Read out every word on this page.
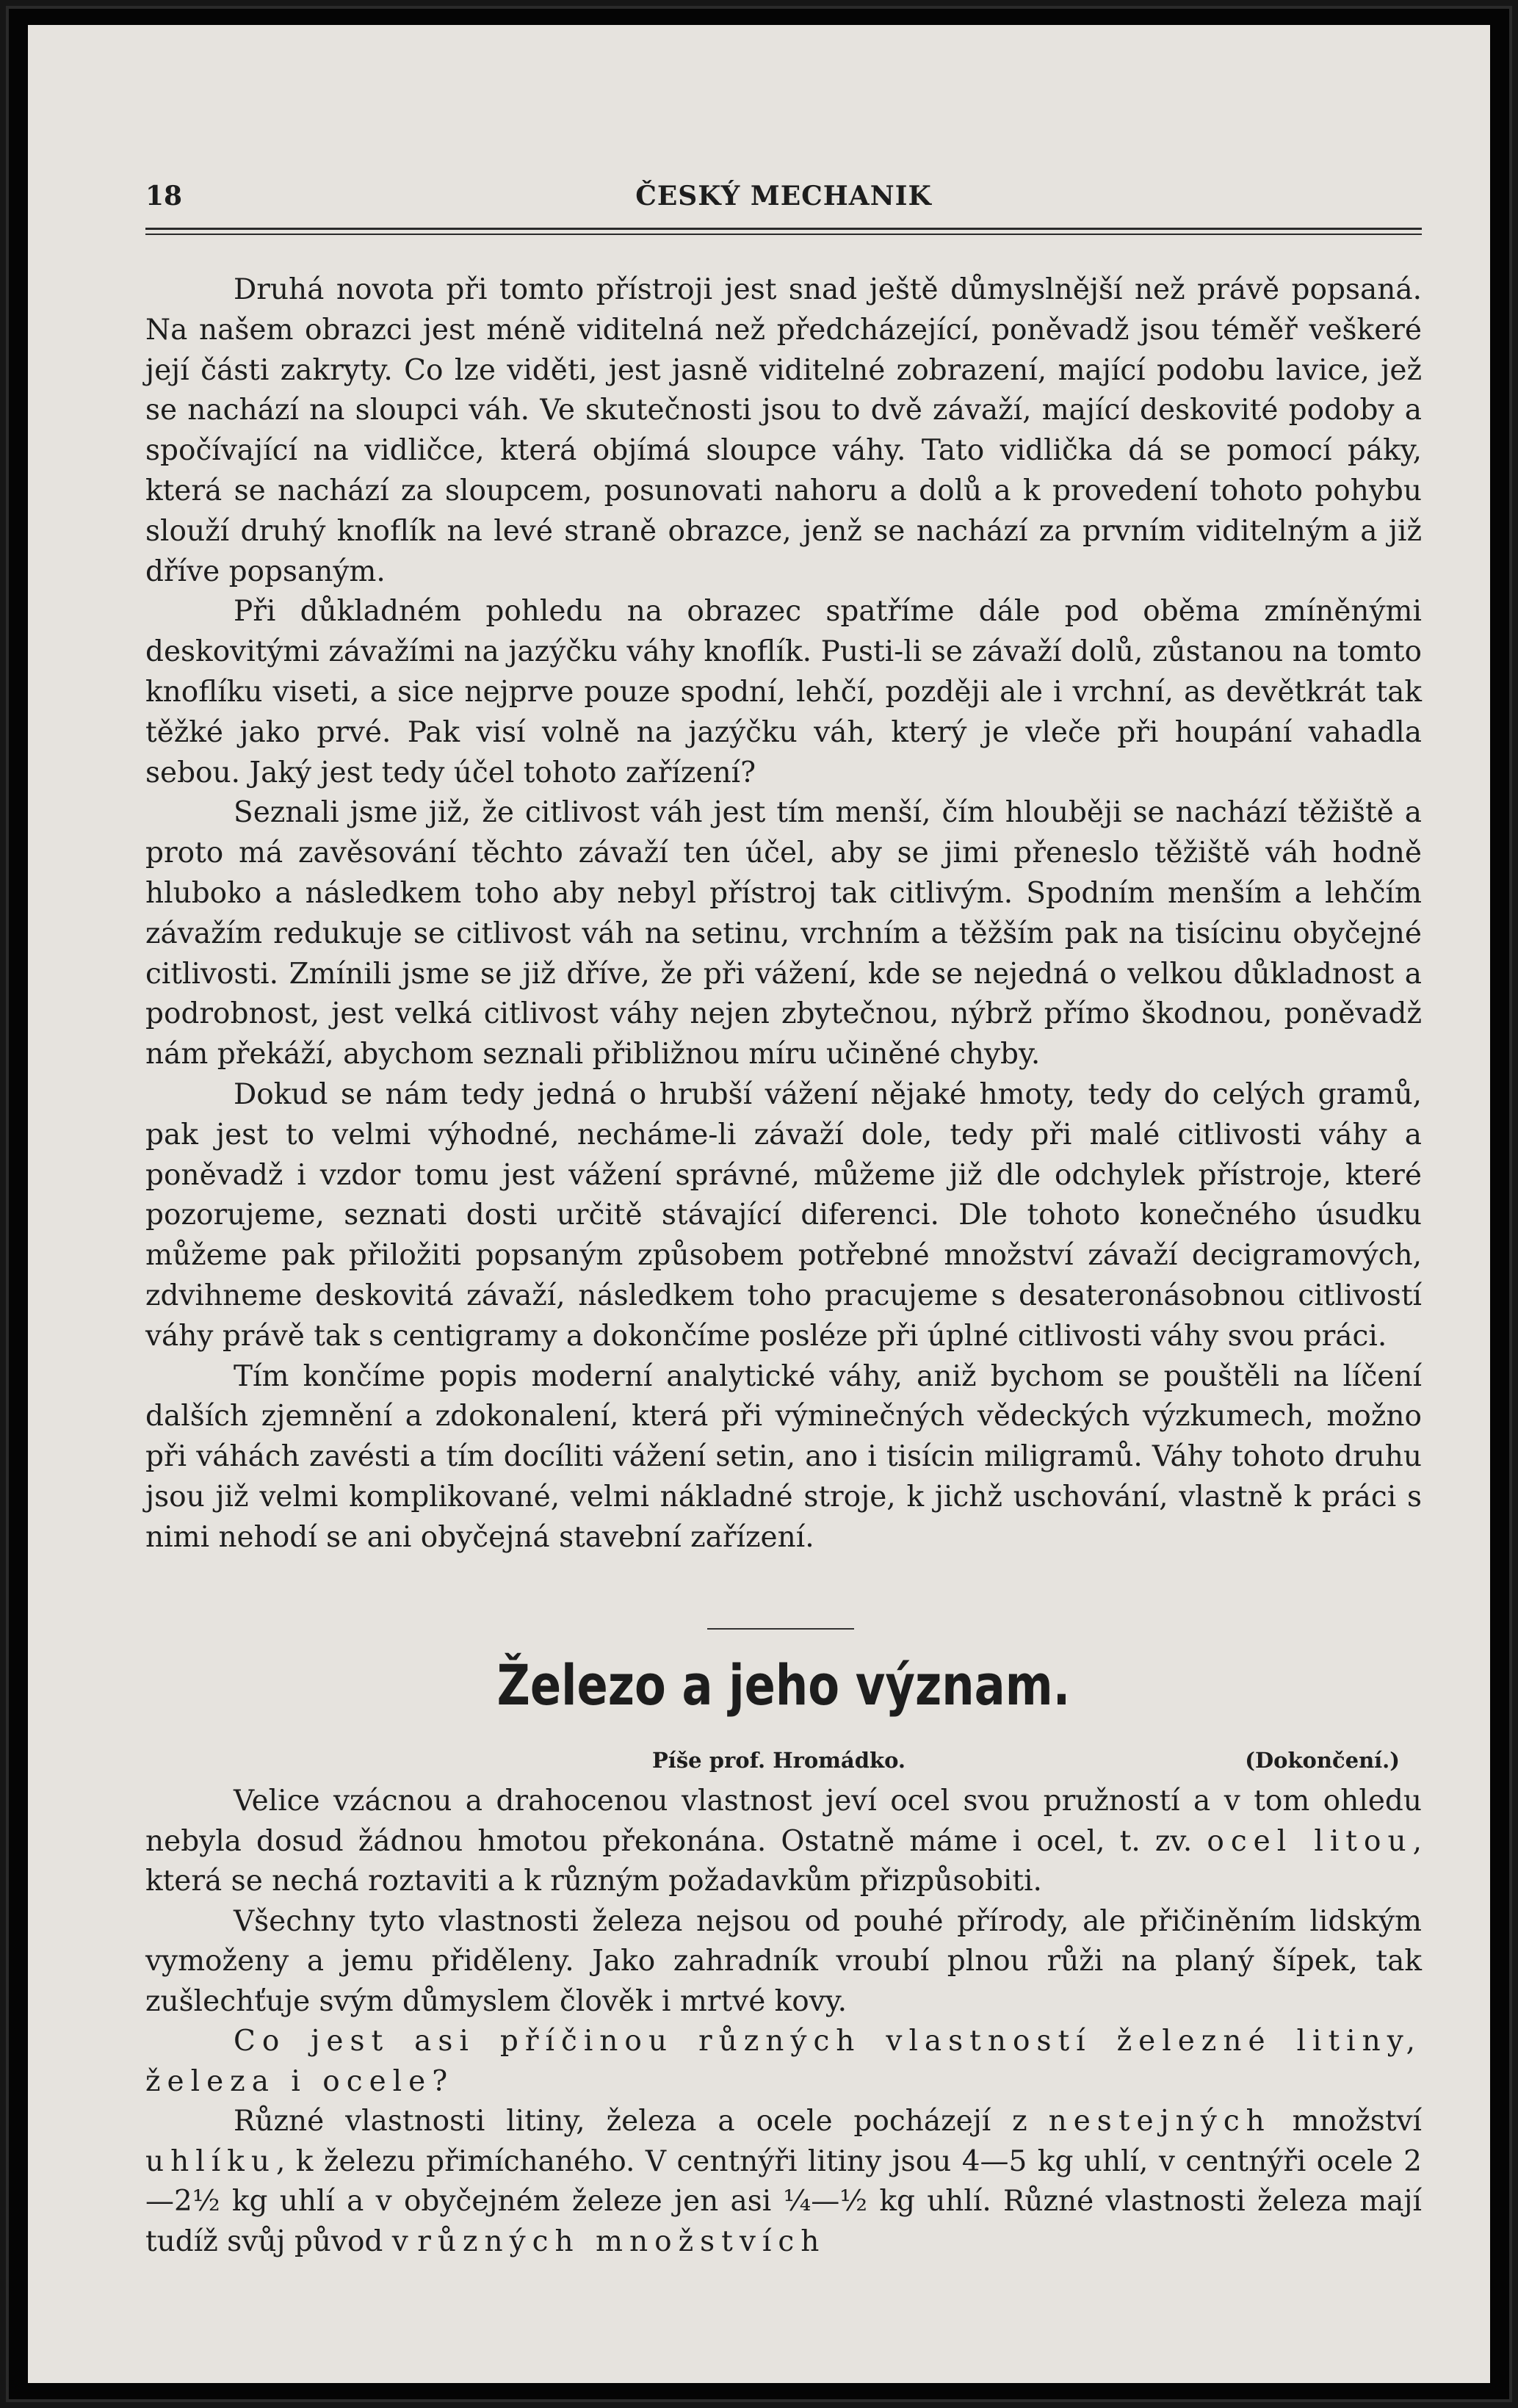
18	ČESKÝ MECHANIK

Druhá novota při tomto přístroji jest snad ještě důmyslnější než právě popsaná. Na našem obrazci jest méně viditelná než předcházející, poněvadž jsou téměř veškeré její části zakryty. Co lze viděti, jest jasně viditelné zobrazení, mající podobu lavice, jež se nachází na sloupci váh. Ve skutečnosti jsou to dvě závaží, mající deskovité podoby a spočívající na vidličce, která objímá sloupce váhy. Tato vidlička dá se pomocí páky, která se nachází za sloupcem, posunovati nahoru a dolů a k provedení tohoto pohybu slouží druhý knoflík na levé straně obrazce, jenž se nachází za prvním viditelným a již dříve popsaným.

Při důkladném pohledu na obrazec spatříme dále pod oběma zmíněnými deskovitými závažími na jazýčku váhy knoflík. Pusti-li se závaží dolů, zůstanou na tomto knoflíku viseti, a sice nejprve pouze spodní, lehčí, později ale i vrchní, as devětkrát tak těžké jako prvé. Pak visí volně na jazýčku váh, který je vleče při houpání vahadla sebou. Jaký jest tedy účel tohoto zařízení?

Seznali jsme již, že citlivost váh jest tím menší, čím hlouběji se nachází těžiště a proto má zavěsování těchto závaží ten účel, aby se jimi přeneslo těžiště váh hodně hluboko a následkem toho aby nebyl přístroj tak citlivým. Spodním menším a lehčím závažím redukuje se citlivost váh na setinu, vrchním a těžším pak na tisícinu obyčejné citlivosti. Zmínili jsme se již dříve, že při vážení, kde se nejedná o velkou důkladnost a podrobnost, jest velká citlivost váhy nejen zbytečnou, nýbrž přímo škodnou, poněvadž nám překáží, abychom seznali přibližnou míru učiněné chyby.

Dokud se nám tedy jedná o hrubší vážení nějaké hmoty, tedy do celých gramů, pak jest to velmi výhodné, necháme-li závaží dole, tedy při malé citlivosti váhy a poněvadž i vzdor tomu jest vážení správné, můžeme již dle odchylek přístroje, které pozorujeme, seznati dosti určitě stávající diferenci. Dle tohoto konečného úsudku můžeme pak přiložiti popsaným způsobem potřebné množství závaží decigramových, zdvihneme deskovitá závaží, následkem toho pracujeme s desateronásobnou citlivostí váhy právě tak s centigramy a dokončíme posléze při úplné citlivosti váhy svou práci.

Tím končíme popis moderní analytické váhy, aniž bychom se pouštěli na líčení dalších zjemnění a zdokonalení, která při výminečných vědeckých výzkumech, možno při váhách zavésti a tím docíliti vážení setin, ano i tisícin miligramů. Váhy tohoto druhu jsou již velmi komplikované, velmi nákladné stroje, k jichž uschování, vlastně k práci s nimi nehodí se ani obyčejná stavební zařízení.

Železo a jeho význam.
Píše prof. Hromádko.	(Dokončení.)

Velice vzácnou a drahocenou vlastnost jeví ocel svou pružností a v tom ohledu nebyla dosud žádnou hmotou překonána. Ostatně máme i ocel, t. zv. ocel litou, která se nechá roztaviti a k různým požadavkům přizpůsobiti.

Všechny tyto vlastnosti železa nejsou od pouhé přírody, ale přičiněním lidským vymoženy a jemu přiděleny. Jako zahradník vroubí plnou růži na planý šípek, tak zušlechťuje svým důmyslem člověk i mrtvé kovy.

Co jest asi příčinou různých vlastností železné litiny, železa i ocele?

Různé vlastnosti litiny, železa a ocele pocházejí z nestejných množství uhlíku, k železu přimíchaného. V centnýři litiny jsou 4—5 kg uhlí, v centnýři ocele 2—2½ kg uhlí a v obyčejném železe jen asi ¼—½ kg uhlí. Různé vlastnosti železa mají tudíž svůj původ v různých množstvích
